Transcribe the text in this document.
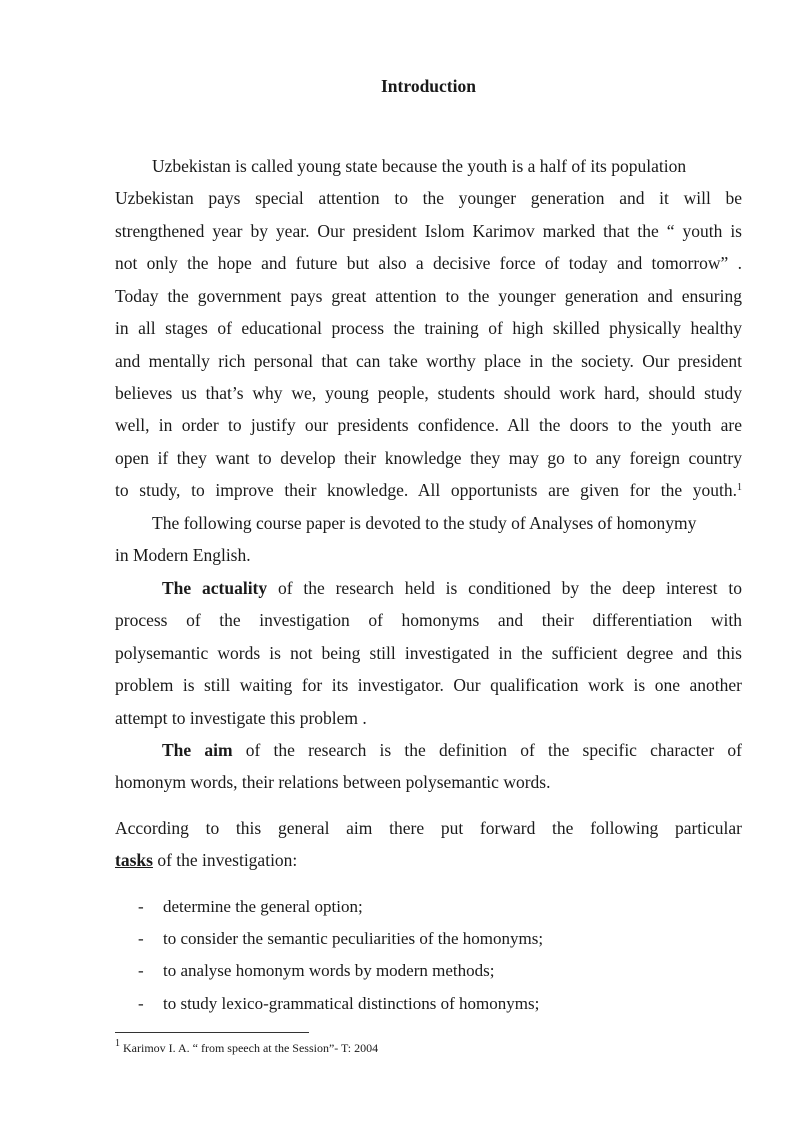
Introduction
Uzbekistan is called young state because the youth is a half of its population
Uzbekistan pays special attention to the younger generation and it will be
strengthened year by year. Our president Islom Karimov marked that the “ youth is
not only the hope and future but also a decisive force of today and tomorrow” .
Today the government pays great attention to the younger generation and ensuring
in all stages of educational process the training of high skilled physically healthy
and mentally rich personal that can take worthy place in the society. Our president
believes us that’s why we, young people, students should work hard, should study
well, in order to justify our presidents confidence. All the doors to the youth are
open if they want to develop their knowledge they may go to any foreign country
to study, to improve their knowledge. All opportunists are given for the youth.$^1$
The following course paper is devoted to the study of Analyses of homonymy
in Modern English.
The actuality of the research held is conditioned by the deep interest to
process of the investigation of homonyms and their differentiation with
polysemantic words is not being still investigated in the sufficient degree and this
problem is still waiting for its investigator. Our qualification work is one another
attempt to investigate this problem .
The aim of the research is the definition of the specific character of
homonym words, their relations between polysemantic words.
According to this general aim there put forward the following particular
tasks of the investigation:
- determine the general option;
- to consider the semantic peculiarities of the homonyms;
- to analyse homonym words by modern methods;
- to study lexico-grammatical distinctions of homonyms;
$^1$ Karimov I. A. “ from speech at the Session”- T: 2004
